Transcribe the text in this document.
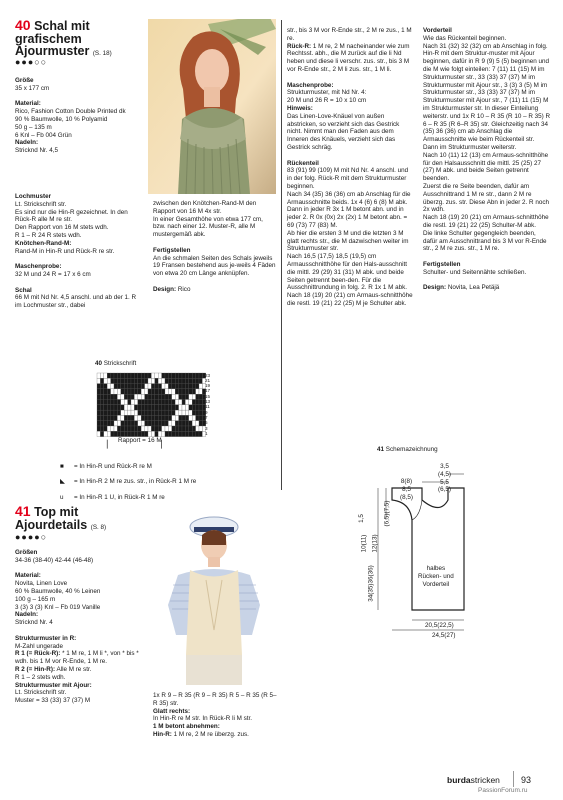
40 Schal mit
grafischem
Ajourmuster (S. 18)
●●●○○
Größe
35 x 177 cm

Material:
Rico, Fashion Cotton Double Printed dk
90 % Baumwolle, 10 % Polyamid
50 g – 135 m
6 Knl – Fb 004 Grün
Nadeln:
Stricknd Nr. 4,5
Lochmuster
Lt. Strickschrift str.
Es sind nur die Hin-R gezeichnet. In den Rück-R alle M re str.
Den Rapport von 16 M stets wdh.
R 1 – R 24 R stets wdh.
Knötchen-Rand-M:
Rand-M in Hin-R und Rück-R re str.

Maschenprobe:
32 M und 24 R = 17 x 6 cm

Schal
66 M mit Nd Nr. 4,5 anschl. und ab der 1. R im Lochmuster str., dabei
zwischen den Knötchen-Rand-M den Rapport von 16 M 4x str.
In einer Gesamthöhe von etwa 177 cm, bzw. nach einer 12. Muster-R, alle M mustergemäß abk.

Fertigstellen
An die schmalen Seiten des Schals jeweils 19 Fransen bestehend aus je-weils 4 Fäden von etwa 20 cm Länge anknüpfen.

Design: Rico
40 Strickschrift
23
21
19
17
15
13
11
9
7
5
3
1
Rapport = 16 M

■ = In Hin-R und Rück-R re M

◣ = In Hin-R 2 M re zus. str., in Rück-R 1 M re

u = In Hin-R 1 U, in Rück-R 1 M re

str., bis 3 M vor R-Ende str., 2 M re zus., 1 M re.
Rück-R: 1 M re, 2 M nacheinander wie zum Rechtsst. abh., die M zurück auf die li Nd heben und diese li verschr. zus. str., bis 3 M vor R-Ende str., 2 M li zus. str., 1 M li.

Maschenprobe:
Strukturmuster, mit Nd Nr. 4:
20 M und 26 R = 10 x 10 cm
Hinweis:
Das Linen-Love-Knäuel von außen abstricken, so verzieht sich das Gestrick nicht. Nimmt man den Faden aus dem Inneren des Knäuels, verzieht sich das Gestrick schräg.

Rückenteil
83 (91) 99 (109) M mit Nd Nr. 4 anschl. und in der folg. Rück-R mit dem Strukturmuster beginnen.
Nach 34 (35) 36 (36) cm ab Anschlag für die Armausschnitte beids. 1x 4 (6) 6 (8) M abk. Dann in jeder R 3x 1 M betont abn. und in jeder 2. R 0x (0x) 2x (2x) 1 M betont abn. = 69 (73) 77 (83) M.
Ab hier die ersten 3 M und die letzten 3 M glatt rechts str., die M dazwischen weiter im Strukturmuster str.
Nach 16,5 (17,5) 18,5 (19,5) cm Armausschnitthöhe für den Hals-ausschnitt die mittl. 29 (29) 31 (31) M abk. und beide Seiten getrennt been-den. Für die Ausschnittrundung in folg. 2. R 1x 1 M abk.
Nach 18 (19) 20 (21) cm Armaus-schnitthöhe die restl. 19 (21) 22 (25) M je Schulter abk.
Vorderteil
Wie das Rückenteil beginnen.
Nach 31 (32) 32 (32) cm ab Anschlag in folg. Hin-R mit dem Struktur-muster mit Ajour beginnen, dafür in R 9 (9) 5 (5) beginnen und die M wie folgt einteilen: 7 (11) 11 (15) M im Strukturmuster str., 33 (33) 37 (37) M im Strukturmuster mit Ajour str., 3 (3) 3 (5) M im Strukturmuster str., 33 (33) 37 (37) M im Strukturmuster mit Ajour str., 7 (11) 11 (15) M im Strukturmuster str. In dieser Einteilung weiterstr. und 1x R 10 – R 35 (R 10 – R 35) R 6 – R 35 (R 6–R 35) str. Gleichzeitig nach 34 (35) 36 (36) cm ab Anschlag die Armausschnitte wie beim Rückenteil str.
Dann im Strukturmuster weiterstr.
Nach 10 (11) 12 (13) cm Armaus-schnitthöhe für den Halsausschnitt die mittl. 25 (25) 27 (27) M abk. und beide Seiten getrennt beenden.
Zuerst die re Seite beenden, dafür am Ausschnittrand 1 M re str., dann 2 M re überzg. zus. str. Diese Abn in jeder 2. R noch 2x wdh.
Nach 18 (19) 20 (21) cm Armaus-schnitthöhe die restl. 19 (21) 22 (25) Schulter-M abk.
Die linke Schulter gegengleich beenden, dafür am Ausschnittrand bis 3 M vor R-Ende str., 2 M re zus. str., 1 M re.

Fertigstellen
Schulter- und Seitennähte schließen.

Design: Novita, Lea Petäjä
41 Schemazeichnung
3,5
(4,5)
5,5
(6,5)
8(8)
8,5
(8,5)
1,5
10(11) 12(13)
(6,5)(7,5)
34(35)36(36)	halbes
Rücken- und
Vorderteil
20,5(22,5)
24,5(27)
41 Top mit
Ajourdetails (S. 8)
●●●●○
Größen
34-36 (38-40) 42-44 (46-48)

Material:
Novita, Linen Love
60 % Baumwolle, 40 % Leinen
100 g – 165 m
3 (3) 3 (3) Knl – Fb 019 Vanille
Nadeln:
Stricknd Nr. 4

Strukturmuster in R:
M-Zahl ungerade
R 1 (= Rück-R): * 1 M re, 1 M li *, von * bis * wdh. bis 1 M vor R-Ende, 1 M re.
R 2 (= Hin-R): Alle M re str.
R 1 – 2 stets wdh.
Strukturmuster mit Ajour:
Lt. Strickschrift str.
Muster = 33 (33) 37 (37) M
1x R 9 – R 35 (R 9 – R 35) R 5 – R 35 (R 5–R 35) str.
Glatt rechts:
In Hin-R re M str. In Rück-R li M str.
1 M betont abnehmen:
Hin-R: 1 M re, 2 M re überzg. zus.
burdastricken 93
PassionForum.ru
